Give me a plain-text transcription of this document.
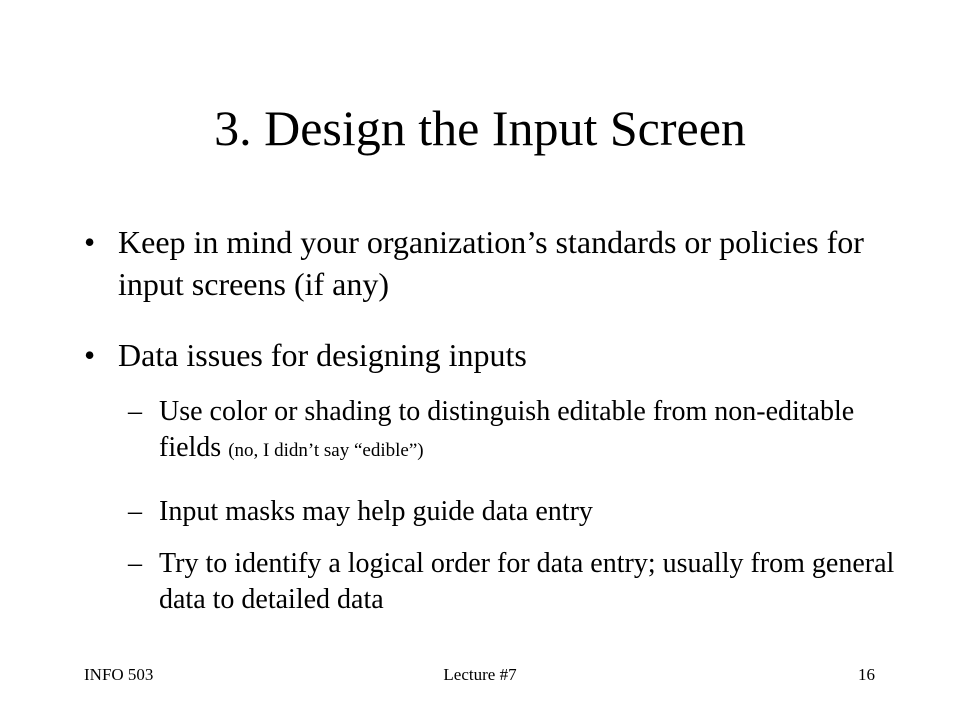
3. Design the Input Screen
• Keep in mind your organization’s standards or policies for input screens (if any)
• Data issues for designing inputs
– Use color or shading to distinguish editable from non-editable fields (no, I didn’t say “edible”)
– Input masks may help guide data entry
– Try to identify a logical order for data entry; usually from general data to detailed data
INFO 503	Lecture #7	16
